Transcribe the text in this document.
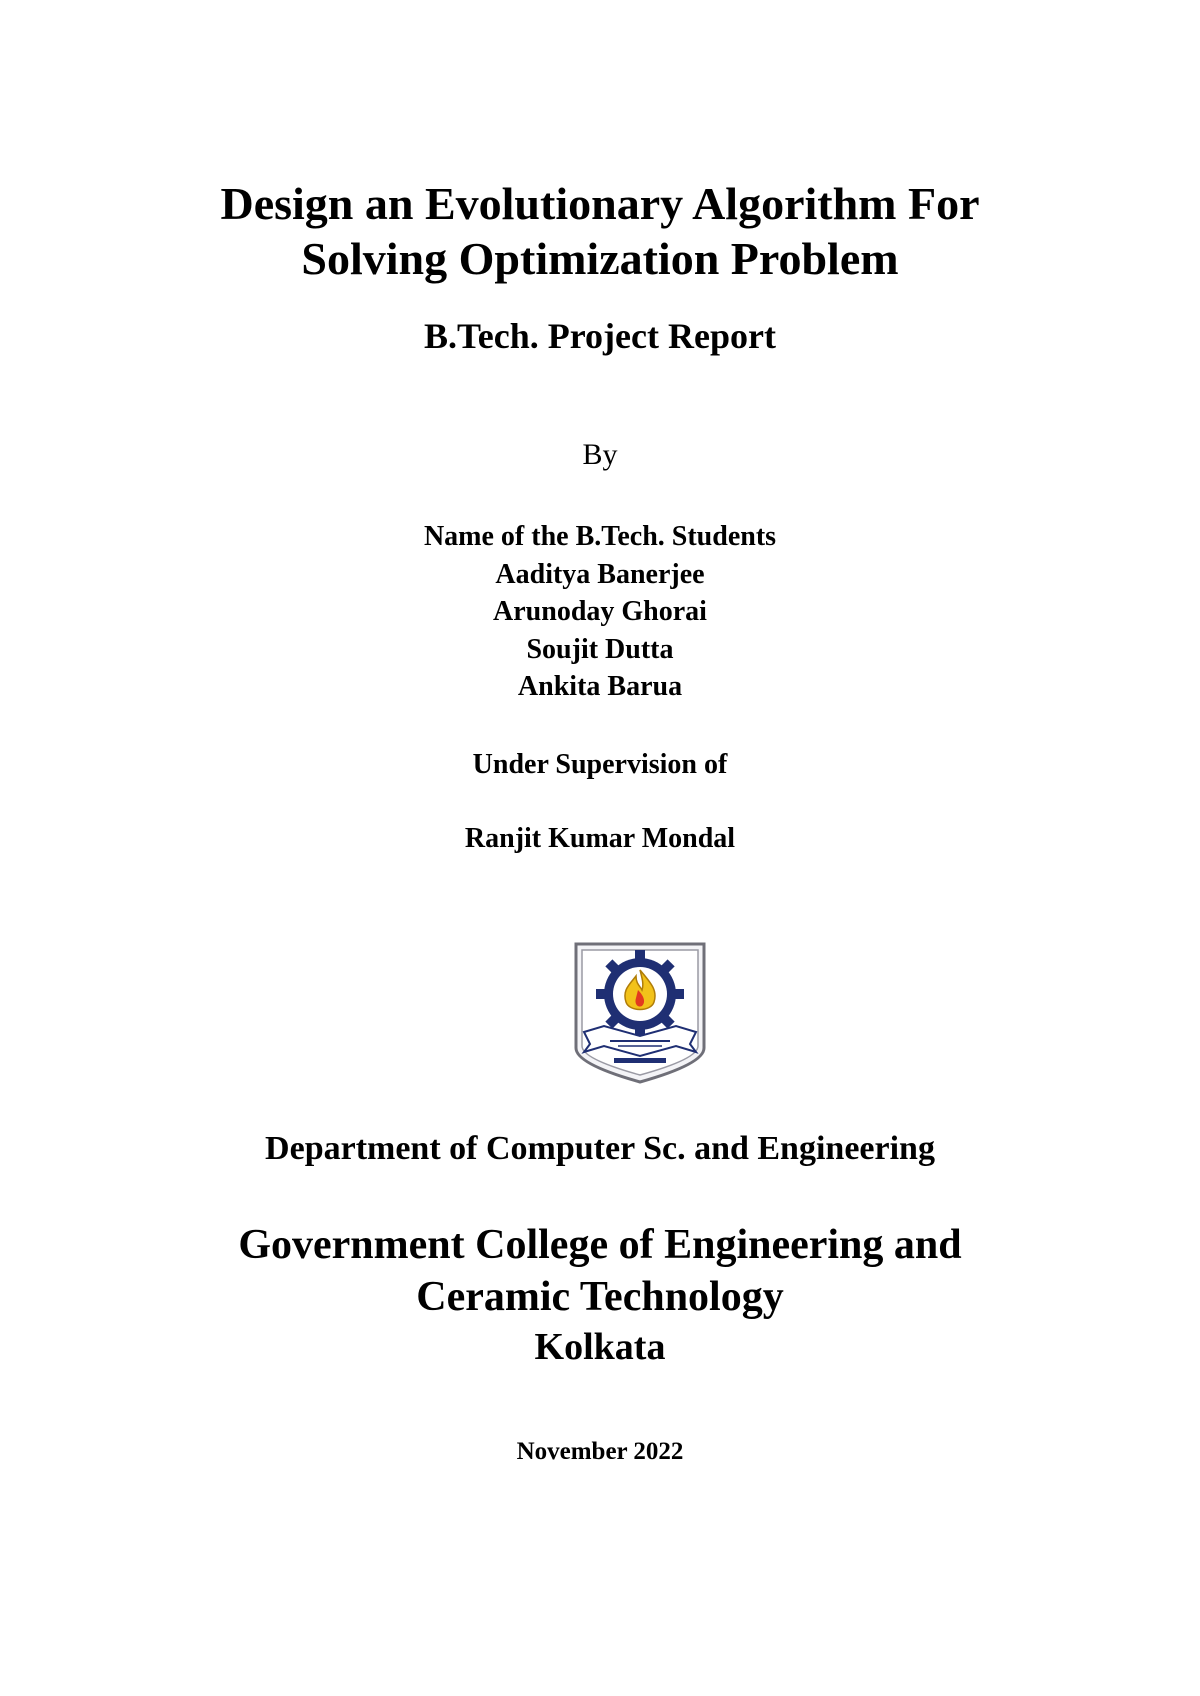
Design an Evolutionary Algorithm For
Solving Optimization Problem
B.Tech. Project Report
By
Name of the B.Tech. Students
Aaditya Banerjee
Arunoday Ghorai
Soujit Dutta
Ankita Barua
Under Supervision of
Ranjit Kumar Mondal
Department of Computer Sc. and Engineering
Government College of Engineering and
Ceramic Technology
Kolkata
November 2022
